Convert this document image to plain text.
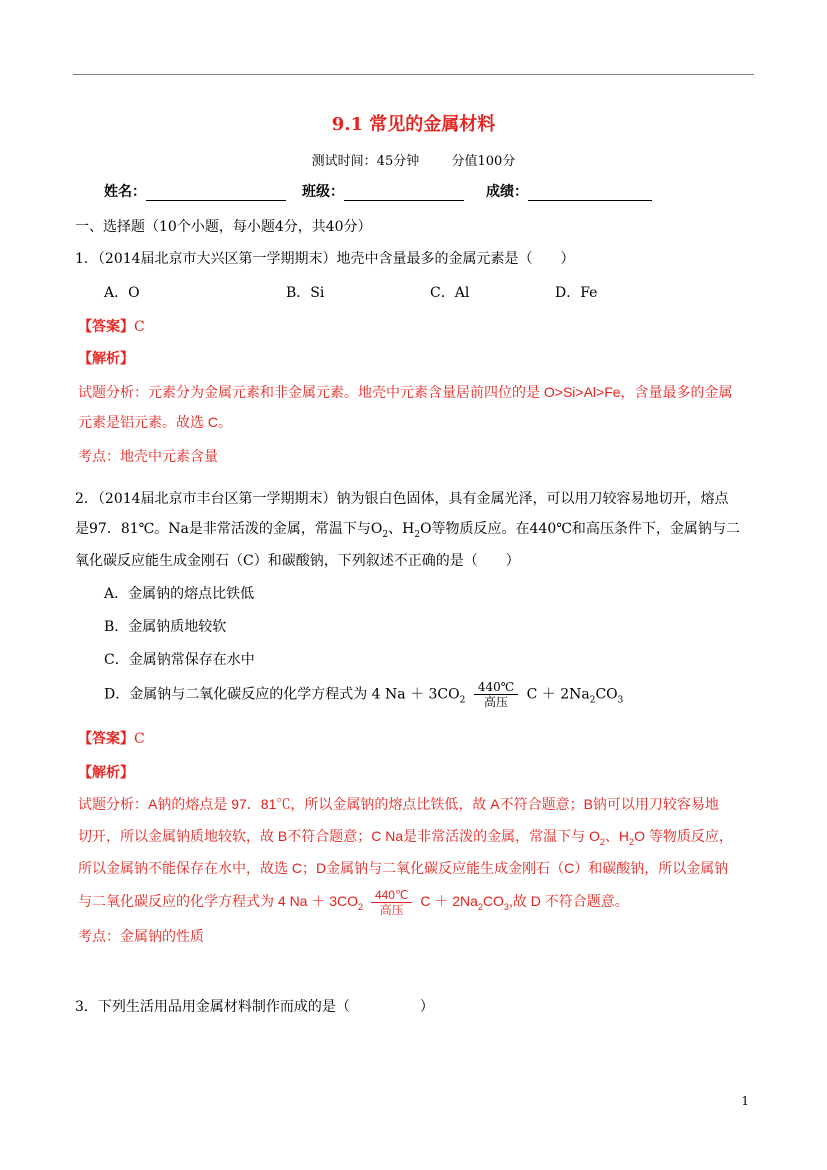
9.1 常见的金属材料
测试时间：45分钟 分值100分
姓名：	班级：	成绩：
一、选择题（10个小题，每小题4分，共40分）
1．（2014届北京市大兴区第一学期期末）地壳中含量最多的金属元素是（　　）
A．O	B．Si	C．Al	D．Fe
【答案】C
【解析】
试题分析：元素分为金属元素和非金属元素。地壳中元素含量居前四位的是 O>Si>Al>Fe，含量最多的金属
元素是铝元素。故选 C。
考点：地壳中元素含量
2．（2014届北京市丰台区第一学期期末）钠为银白色固体，具有金属光泽，可以用刀较容易地切开，熔点
是97．81℃。Na是非常活泼的金属，常温下与$O_2$、$H_2O$等物质反应。在440℃和高压条件下，金属钠与二
氧化碳反应能生成金刚石（C）和碳酸钠，下列叙述不正确的是（　　）
A．金属钠的熔点比铁低
B．金属钠质地较软
C．金属钠常保存在水中
D．金属钠与二氧化碳反应的化学方程式为 4 $Na + 3CO_2 \frac{440℃}{\text{高压}}$ $C + 2Na_2CO_3$
【答案】C
【解析】
试题分析：A钠的熔点是 97．81℃，所以金属钠的熔点比铁低，故 A不符合题意；B钠可以用刀较容易地
切开，所以金属钠质地较软，故 B不符合题意；C Na是非常活泼的金属，常温下与 $O_2$、$H_2O$ 等物质反应，
所以金属钠不能保存在水中，故选 C；D金属钠与二氧化碳反应能生成金刚石（C）和碳酸钠，所以金属钠
与二氧化碳反应的化学方程式为 4 $Na + 3CO_2 \frac{440℃}{\text{高压}}$ $C + 2Na_2CO_3$,故 D 不符合题意。
考点：金属钠的性质
3．下列生活用品用金属材料制作而成的是（　　　　　）
1
